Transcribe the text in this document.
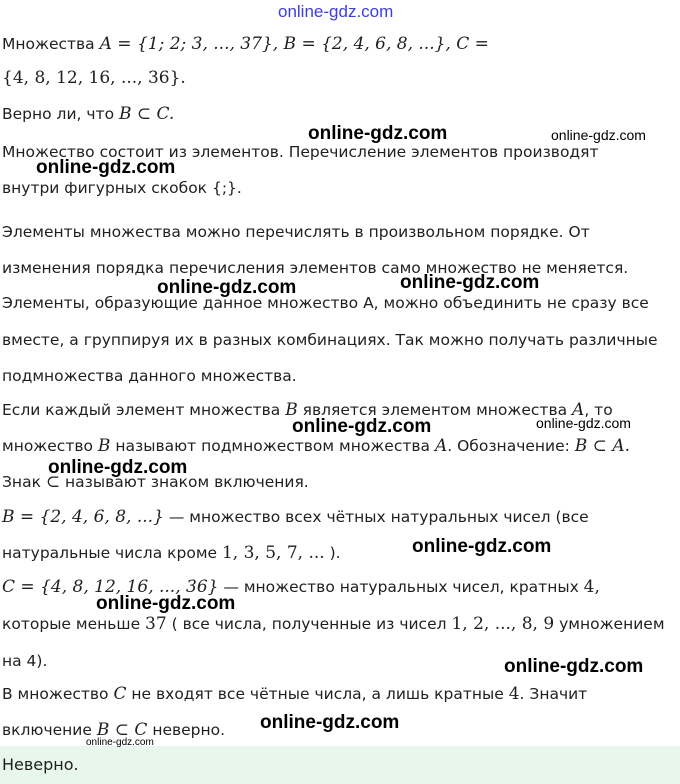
online-gdz.com
Множества A = {1; 2; 3, ..., 37}, B = {2, 4, 6, 8, ...}, C =
{4, 8, 12, 16, ..., 36}.
Верно ли, что B ⊂ C.
Множество состоит из элементов. Перечисление элементов производят
внутри фигурных скобок {;}.
Элементы множества можно перечислять в произвольном порядке. От
изменения порядка перечисления элементов само множество не меняется.
Элементы, образующие данное множество A, можно объединить не сразу все
вместе, а группируя их в разных комбинациях. Так можно получать различные
подмножества данного множества.
Если каждый элемент множества B является элементом множества A, то
множество B называют подмножеством множества A. Обозначение: B ⊂ A.
Знак ⊂ называют знаком включения.
B = {2, 4, 6, 8, ...} — множество всех чётных натуральных чисел (все
натуральные числа кроме 1, 3, 5, 7, ... ).
C = {4, 8, 12, 16, ..., 36} — множество натуральных чисел, кратных 4,
которые меньше 37 ( все числа, полученные из чисел 1, 2, ..., 8, 9 умножением
на 4).
В множество C не входят все чётные числа, а лишь кратные 4. Значит
включение B ⊂ C неверно.
Неверно.
online-gdz.com	online-gdz.com
online-gdz.com
online-gdz.com	online-gdz.com
online-gdz.com	online-gdz.com
online-gdz.com
online-gdz.com
online-gdz.com
online-gdz.com
online-gdz.com
online-gdz.com
